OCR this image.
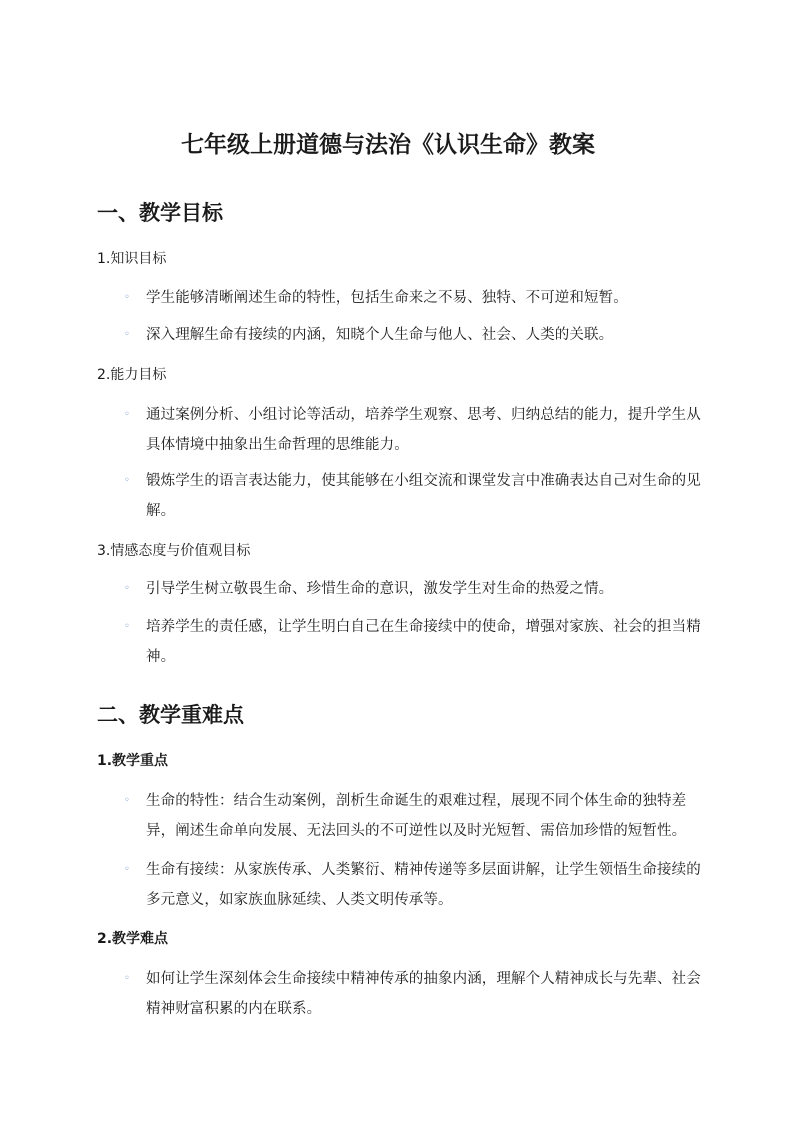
七年级上册道德与法治《认识生命》教案
一、教学目标

1.知识目标

◦ 学生能够清晰阐述生命的特性，包括生命来之不易、独特、不可逆和短暂。
◦ 深入理解生命有接续的内涵，知晓个人生命与他人、社会、人类的关联。

2.能力目标

◦ 通过案例分析、小组讨论等活动，培养学生观察、思考、归纳总结的能力，提升学生从具体情境中抽象出生命哲理的思维能力。
◦ 锻炼学生的语言表达能力，使其能够在小组交流和课堂发言中准确表达自己对生命的见解。

3.情感态度与价值观目标

◦ 引导学生树立敬畏生命、珍惜生命的意识，激发学生对生命的热爱之情。
◦ 培养学生的责任感，让学生明白自己在生命接续中的使命，增强对家族、社会的担当精神。
二、教学重难点

1.教学重点

◦ 生命的特性：结合生动案例，剖析生命诞生的艰难过程，展现不同个体生命的独特差异，阐述生命单向发展、无法回头的不可逆性以及时光短暂、需倍加珍惜的短暂性。
◦ 生命有接续：从家族传承、人类繁衍、精神传递等多层面讲解，让学生领悟生命接续的多元意义，如家族血脉延续、人类文明传承等。

2.教学难点

◦ 如何让学生深刻体会生命接续中精神传承的抽象内涵，理解个人精神成长与先辈、社会精神财富积累的内在联系。
